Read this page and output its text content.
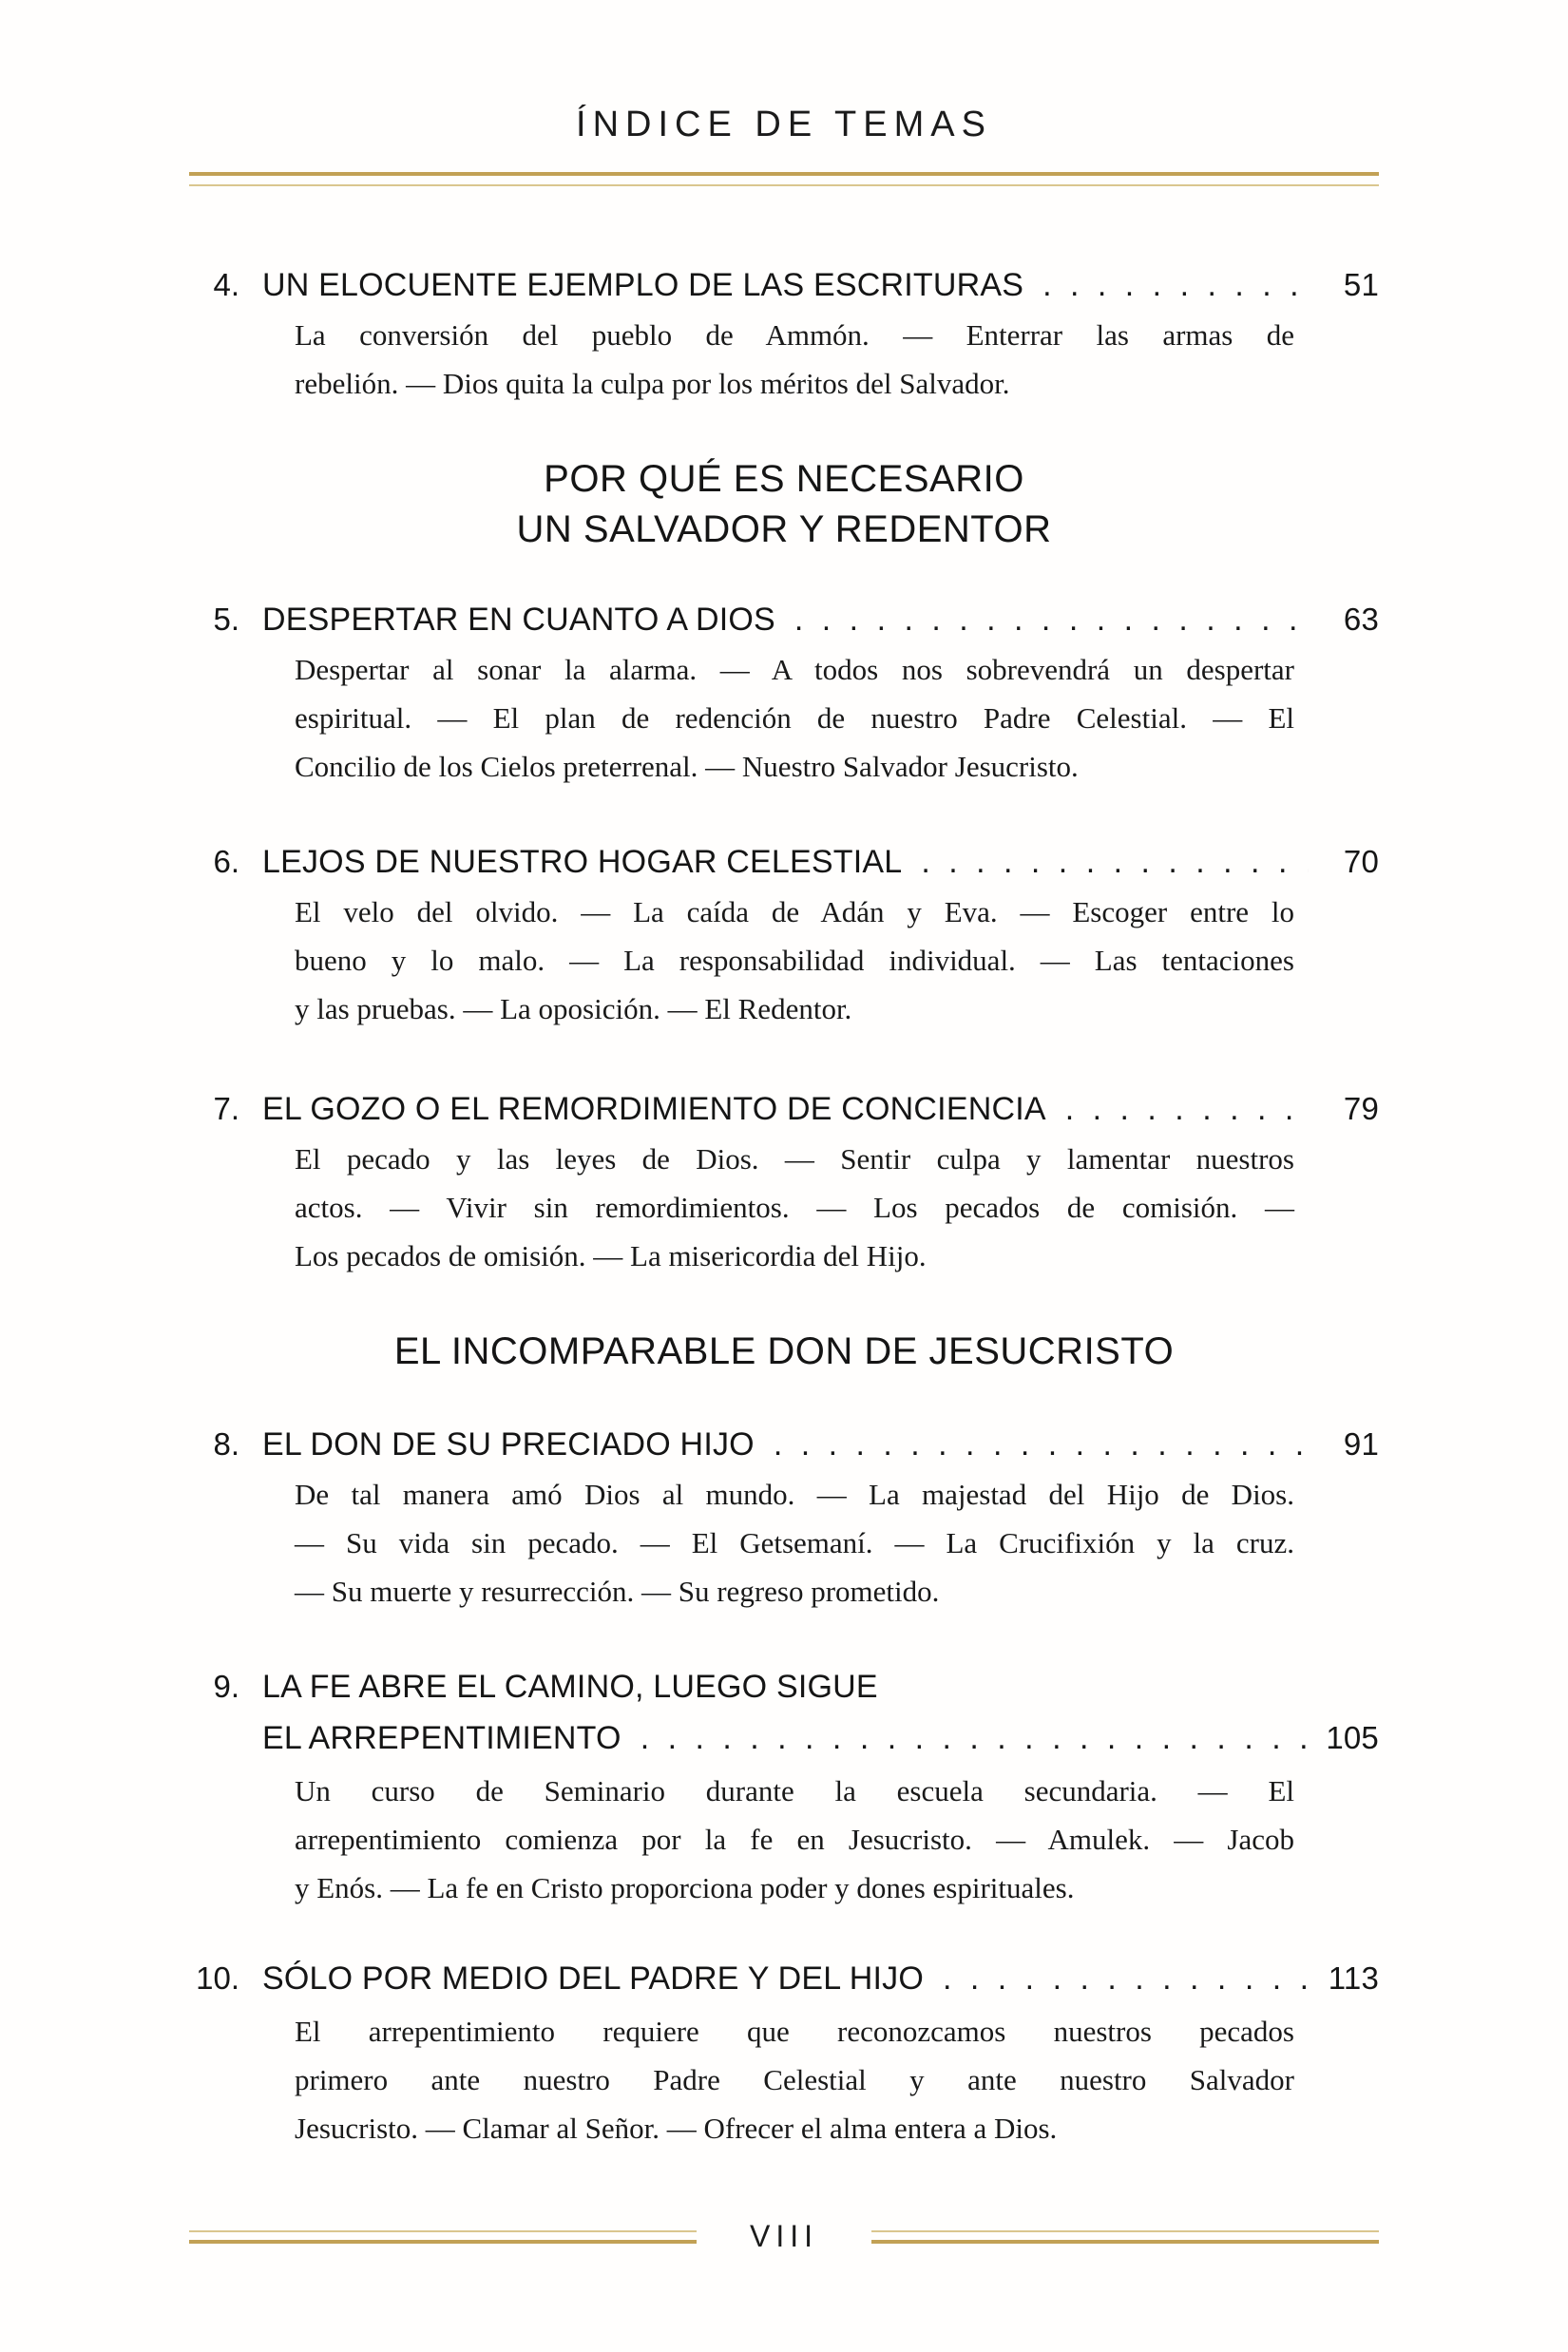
ÍNDICE DE TEMAS
4. UN ELOCUENTE EJEMPLO DE LAS ESCRITURAS . . .	51
La conversión del pueblo de Ammón. — Enterrar las armas de
rebelión. — Dios quita la culpa por los méritos del Salvador.
POR QUÉ ES NECESARIO
UN SALVADOR Y REDENTOR
5. DESPERTAR EN CUANTO A DIOS . . .	63
Despertar al sonar la alarma. — A todos nos sobrevendrá un despertar
espiritual. — El plan de redención de nuestro Padre Celestial. — El
Concilio de los Cielos preterrenal. — Nuestro Salvador Jesucristo.
6. LEJOS DE NUESTRO HOGAR CELESTIAL . . .	70
El velo del olvido. — La caída de Adán y Eva. — Escoger entre lo
bueno y lo malo. — La responsabilidad individual. — Las tentaciones
y las pruebas. — La oposición. — El Redentor.
7. EL GOZO O EL REMORDIMIENTO DE CONCIENCIA . . .	79
El pecado y las leyes de Dios. — Sentir culpa y lamentar nuestros
actos. — Vivir sin remordimientos. — Los pecados de comisión. —
Los pecados de omisión. — La misericordia del Hijo.
EL INCOMPARABLE DON DE JESUCRISTO
8. EL DON DE SU PRECIADO HIJO . . .	91
De tal manera amó Dios al mundo. — La majestad del Hijo de Dios.
— Su vida sin pecado. — El Getsemaní. — La Crucifixión y la cruz.
— Su muerte y resurrección. — Su regreso prometido.
9. LA FE ABRE EL CAMINO, LUEGO SIGUE
EL ARREPENTIMIENTO . . .	105
Un curso de Seminario durante la escuela secundaria. — El
arrepentimiento comienza por la fe en Jesucristo. — Amulek. — Jacob
y Enós. — La fe en Cristo proporciona poder y dones espirituales.
10. SÓLO POR MEDIO DEL PADRE Y DEL HIJO . . .	113
El arrepentimiento requiere que reconozcamos nuestros pecados
primero ante nuestro Padre Celestial y ante nuestro Salvador
Jesucristo. — Clamar al Señor. — Ofrecer el alma entera a Dios.
VIII
